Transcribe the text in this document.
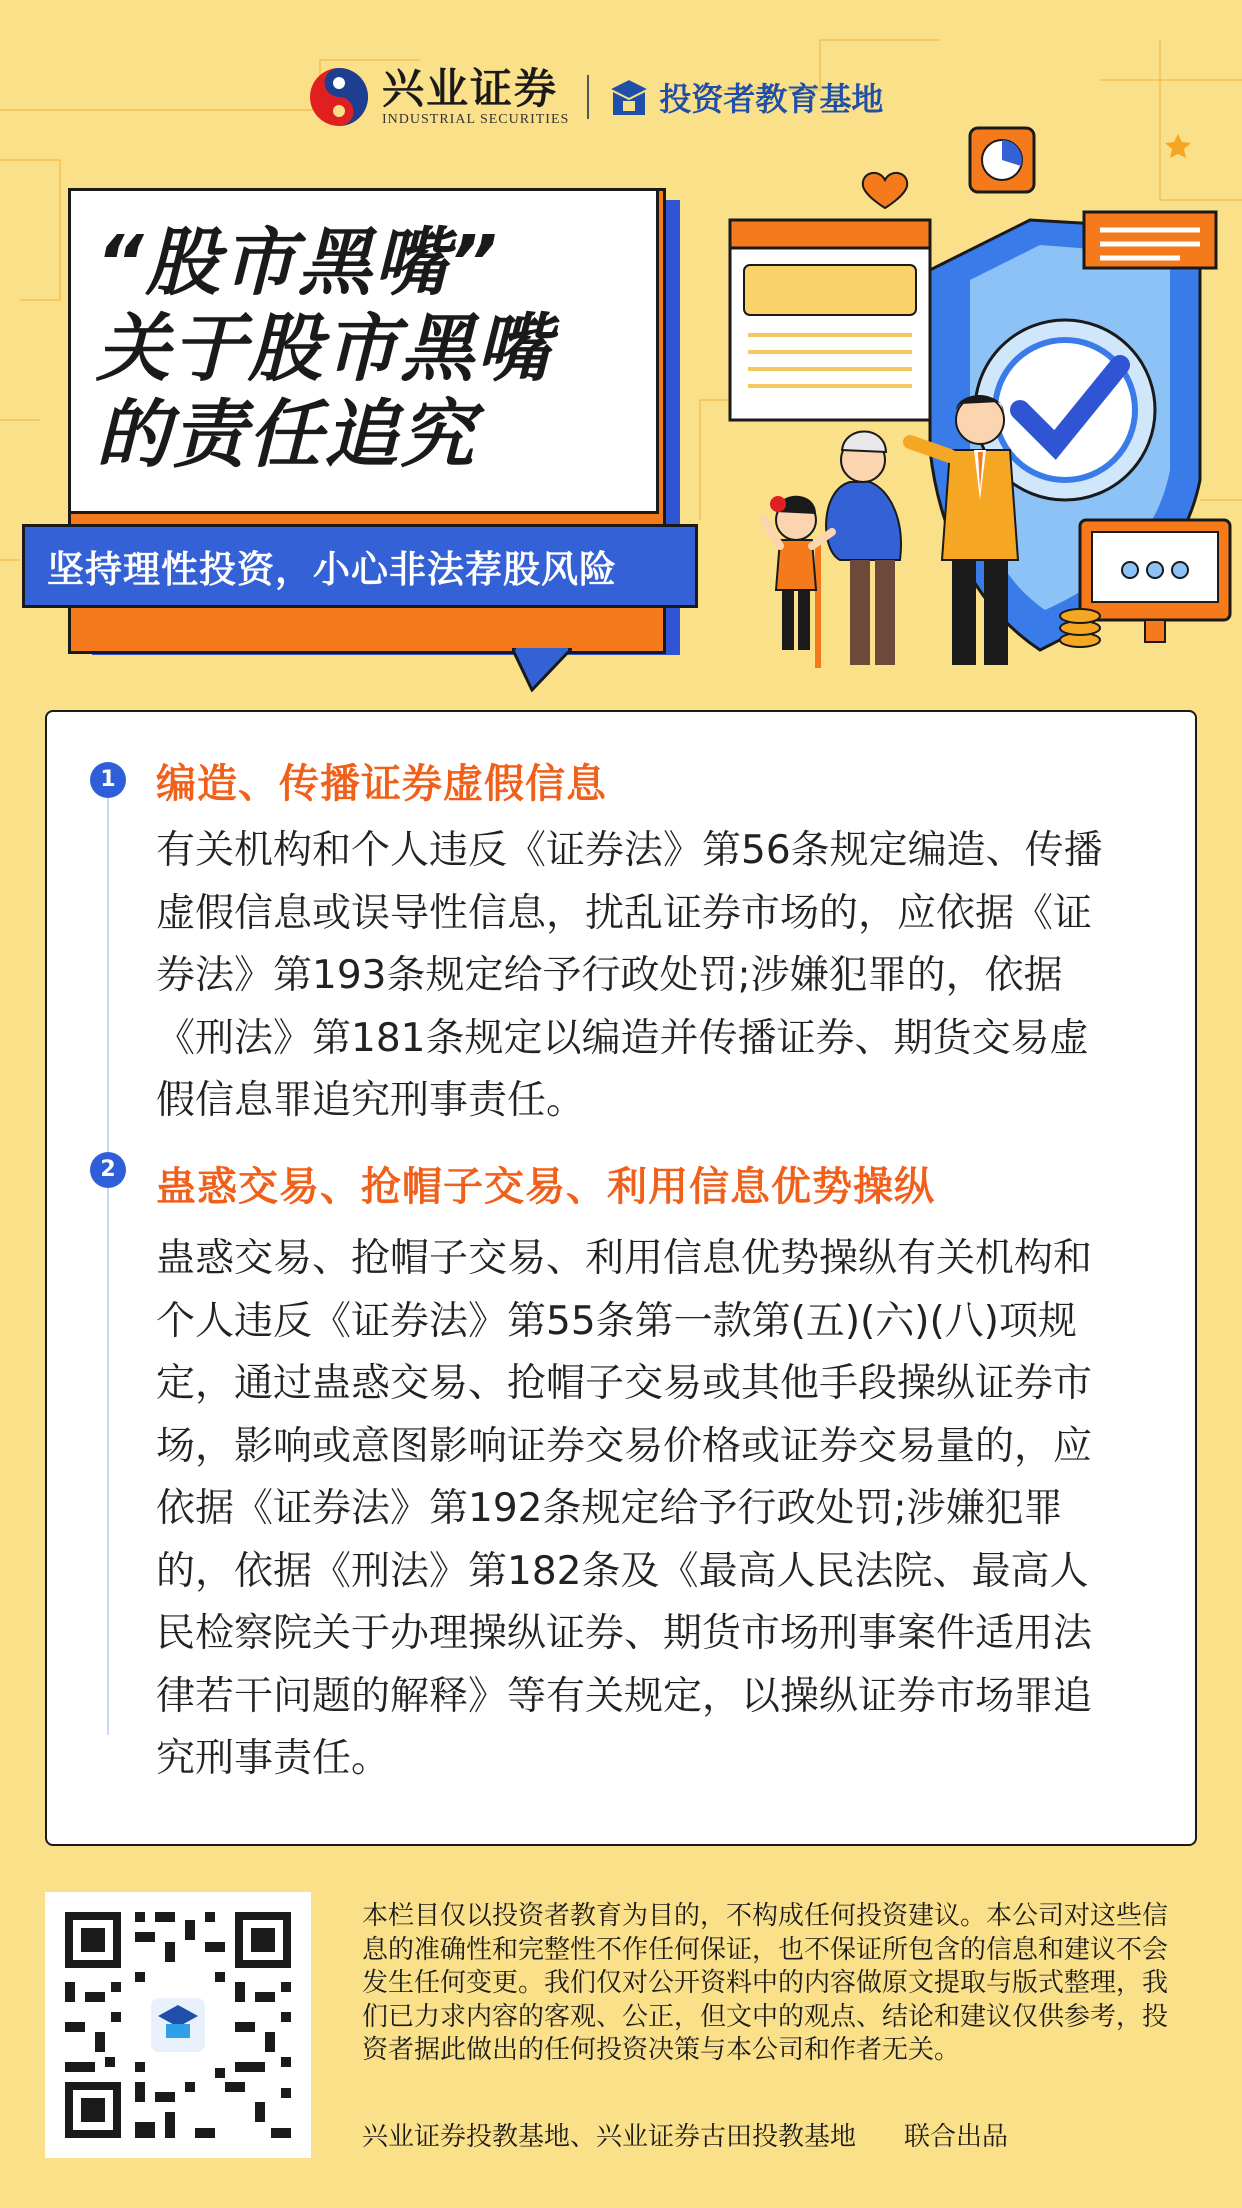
兴业证券
INDUSTRIAL SECURITIES
投资者教育基地
“股市黑嘴”
关于股市黑嘴
的责任追究
坚持理性投资，小心非法荐股风险
1 编造、传播证券虚假信息
有关机构和个人违反《证券法》第56条规定编造、传播虚假信息或误导性信息，扰乱证券市场的，应依据《证券法》第193条规定给予行政处罚;涉嫌犯罪的，依据《刑法》第181条规定以编造并传播证券、期货交易虚假信息罪追究刑事责任。
2 蛊惑交易、抢帽子交易、利用信息优势操纵
蛊惑交易、抢帽子交易、利用信息优势操纵有关机构和个人违反《证券法》第55条第一款第(五)(六)(八)项规定，通过蛊惑交易、抢帽子交易或其他手段操纵证券市场，影响或意图影响证券交易价格或证券交易量的，应依据《证券法》第192条规定给予行政处罚;涉嫌犯罪的，依据《刑法》第182条及《最高人民法院、最高人民检察院关于办理操纵证券、期货市场刑事案件适用法律若干问题的解释》等有关规定，以操纵证券市场罪追究刑事责任。
本栏目仅以投资者教育为目的，不构成任何投资建议。本公司对这些信息的准确性和完整性不作任何保证，也不保证所包含的信息和建议不会发生任何变更。我们仅对公开资料中的内容做原文提取与版式整理，我们已力求内容的客观、公正，但文中的观点、结论和建议仅供参考，投资者据此做出的任何投资决策与本公司和作者无关。
兴业证券投教基地、兴业证券古田投教基地 联合出品
